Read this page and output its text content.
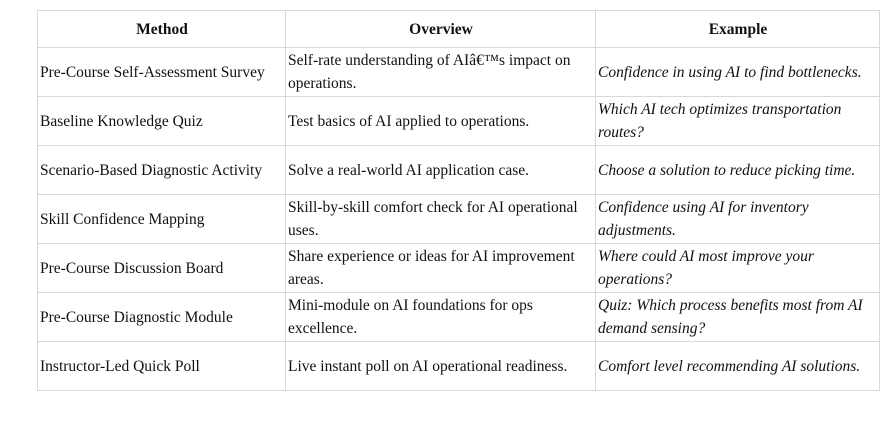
Method	Overview	Example
Pre-Course Self-Assessment Survey	Self-rate understanding of AIâ€™s impact on operations.	Confidence in using AI to find bottlenecks.
Baseline Knowledge Quiz	Test basics of AI applied to operations.	Which AI tech optimizes transportation routes?
Scenario-Based Diagnostic Activity	Solve a real-world AI application case.	Choose a solution to reduce picking time.
Skill Confidence Mapping	Skill-by-skill comfort check for AI operational uses.	Confidence using AI for inventory adjustments.
Pre-Course Discussion Board	Share experience or ideas for AI improvement areas.	Where could AI most improve your operations?
Pre-Course Diagnostic Module	Mini-module on AI foundations for ops excellence.	Quiz: Which process benefits most from AI demand sensing?
Instructor-Led Quick Poll	Live instant poll on AI operational readiness.	Comfort level recommending AI solutions.
